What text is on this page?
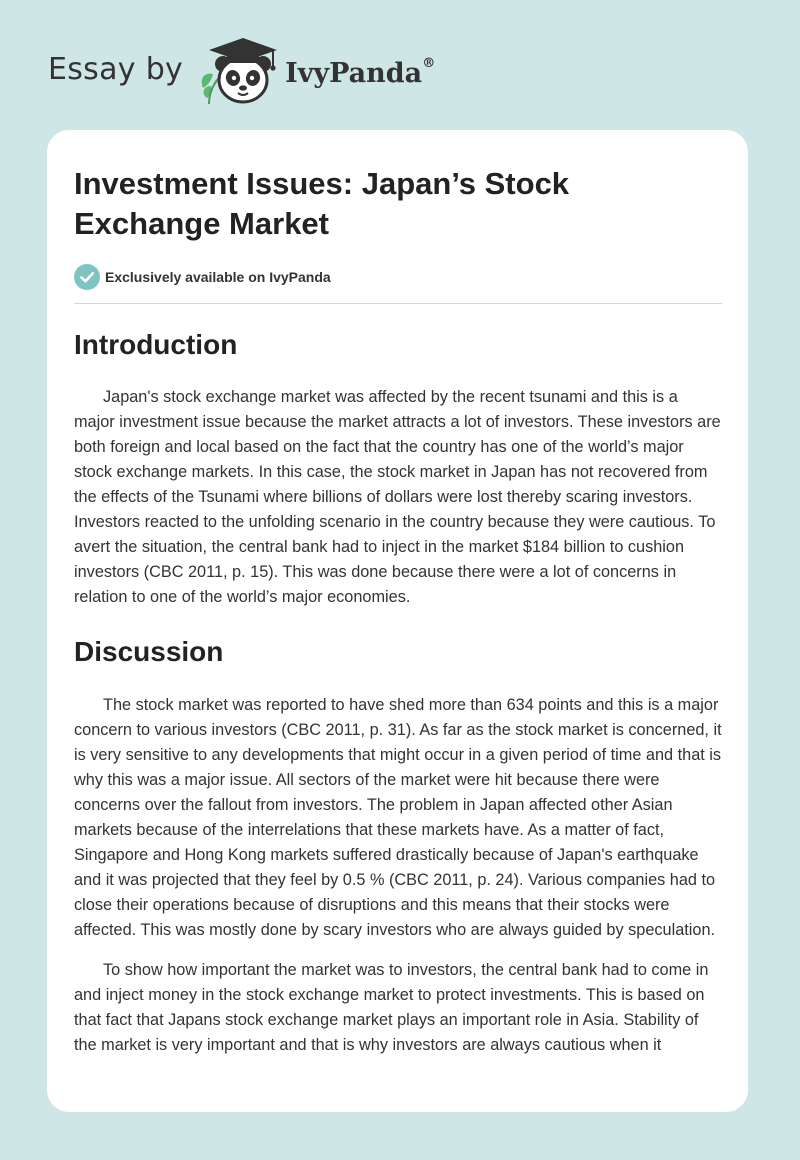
Essay by	IvyPanda®
Investment Issues: Japan’s Stock Exchange Market
Exclusively available on IvyPanda
Introduction

Japan's stock exchange market was affected by the recent tsunami and this is a major investment issue because the market attracts a lot of investors. These investors are both foreign and local based on the fact that the country has one of the world’s major stock exchange markets. In this case, the stock market in Japan has not recovered from the effects of the Tsunami where billions of dollars were lost thereby scaring investors. Investors reacted to the unfolding scenario in the country because they were cautious. To avert the situation, the central bank had to inject in the market $184 billion to cushion investors (CBC 2011, p. 15). This was done because there were a lot of concerns in relation to one of the world’s major economies.

Discussion

The stock market was reported to have shed more than 634 points and this is a major concern to various investors (CBC 2011, p. 31). As far as the stock market is concerned, it is very sensitive to any developments that might occur in a given period of time and that is why this was a major issue. All sectors of the market were hit because there were concerns over the fallout from investors. The problem in Japan affected other Asian markets because of the interrelations that these markets have. As a matter of fact, Singapore and Hong Kong markets suffered drastically because of Japan's earthquake and it was projected that they feel by 0.5 % (CBC 2011, p. 24). Various companies had to close their operations because of disruptions and this means that their stocks were affected. This was mostly done by scary investors who are always guided by speculation.

To show how important the market was to investors, the central bank had to come in and inject money in the stock exchange market to protect investments. This is based on that fact that Japans stock exchange market plays an important role in Asia. Stability of the market is very important and that is why investors are always cautious when it
